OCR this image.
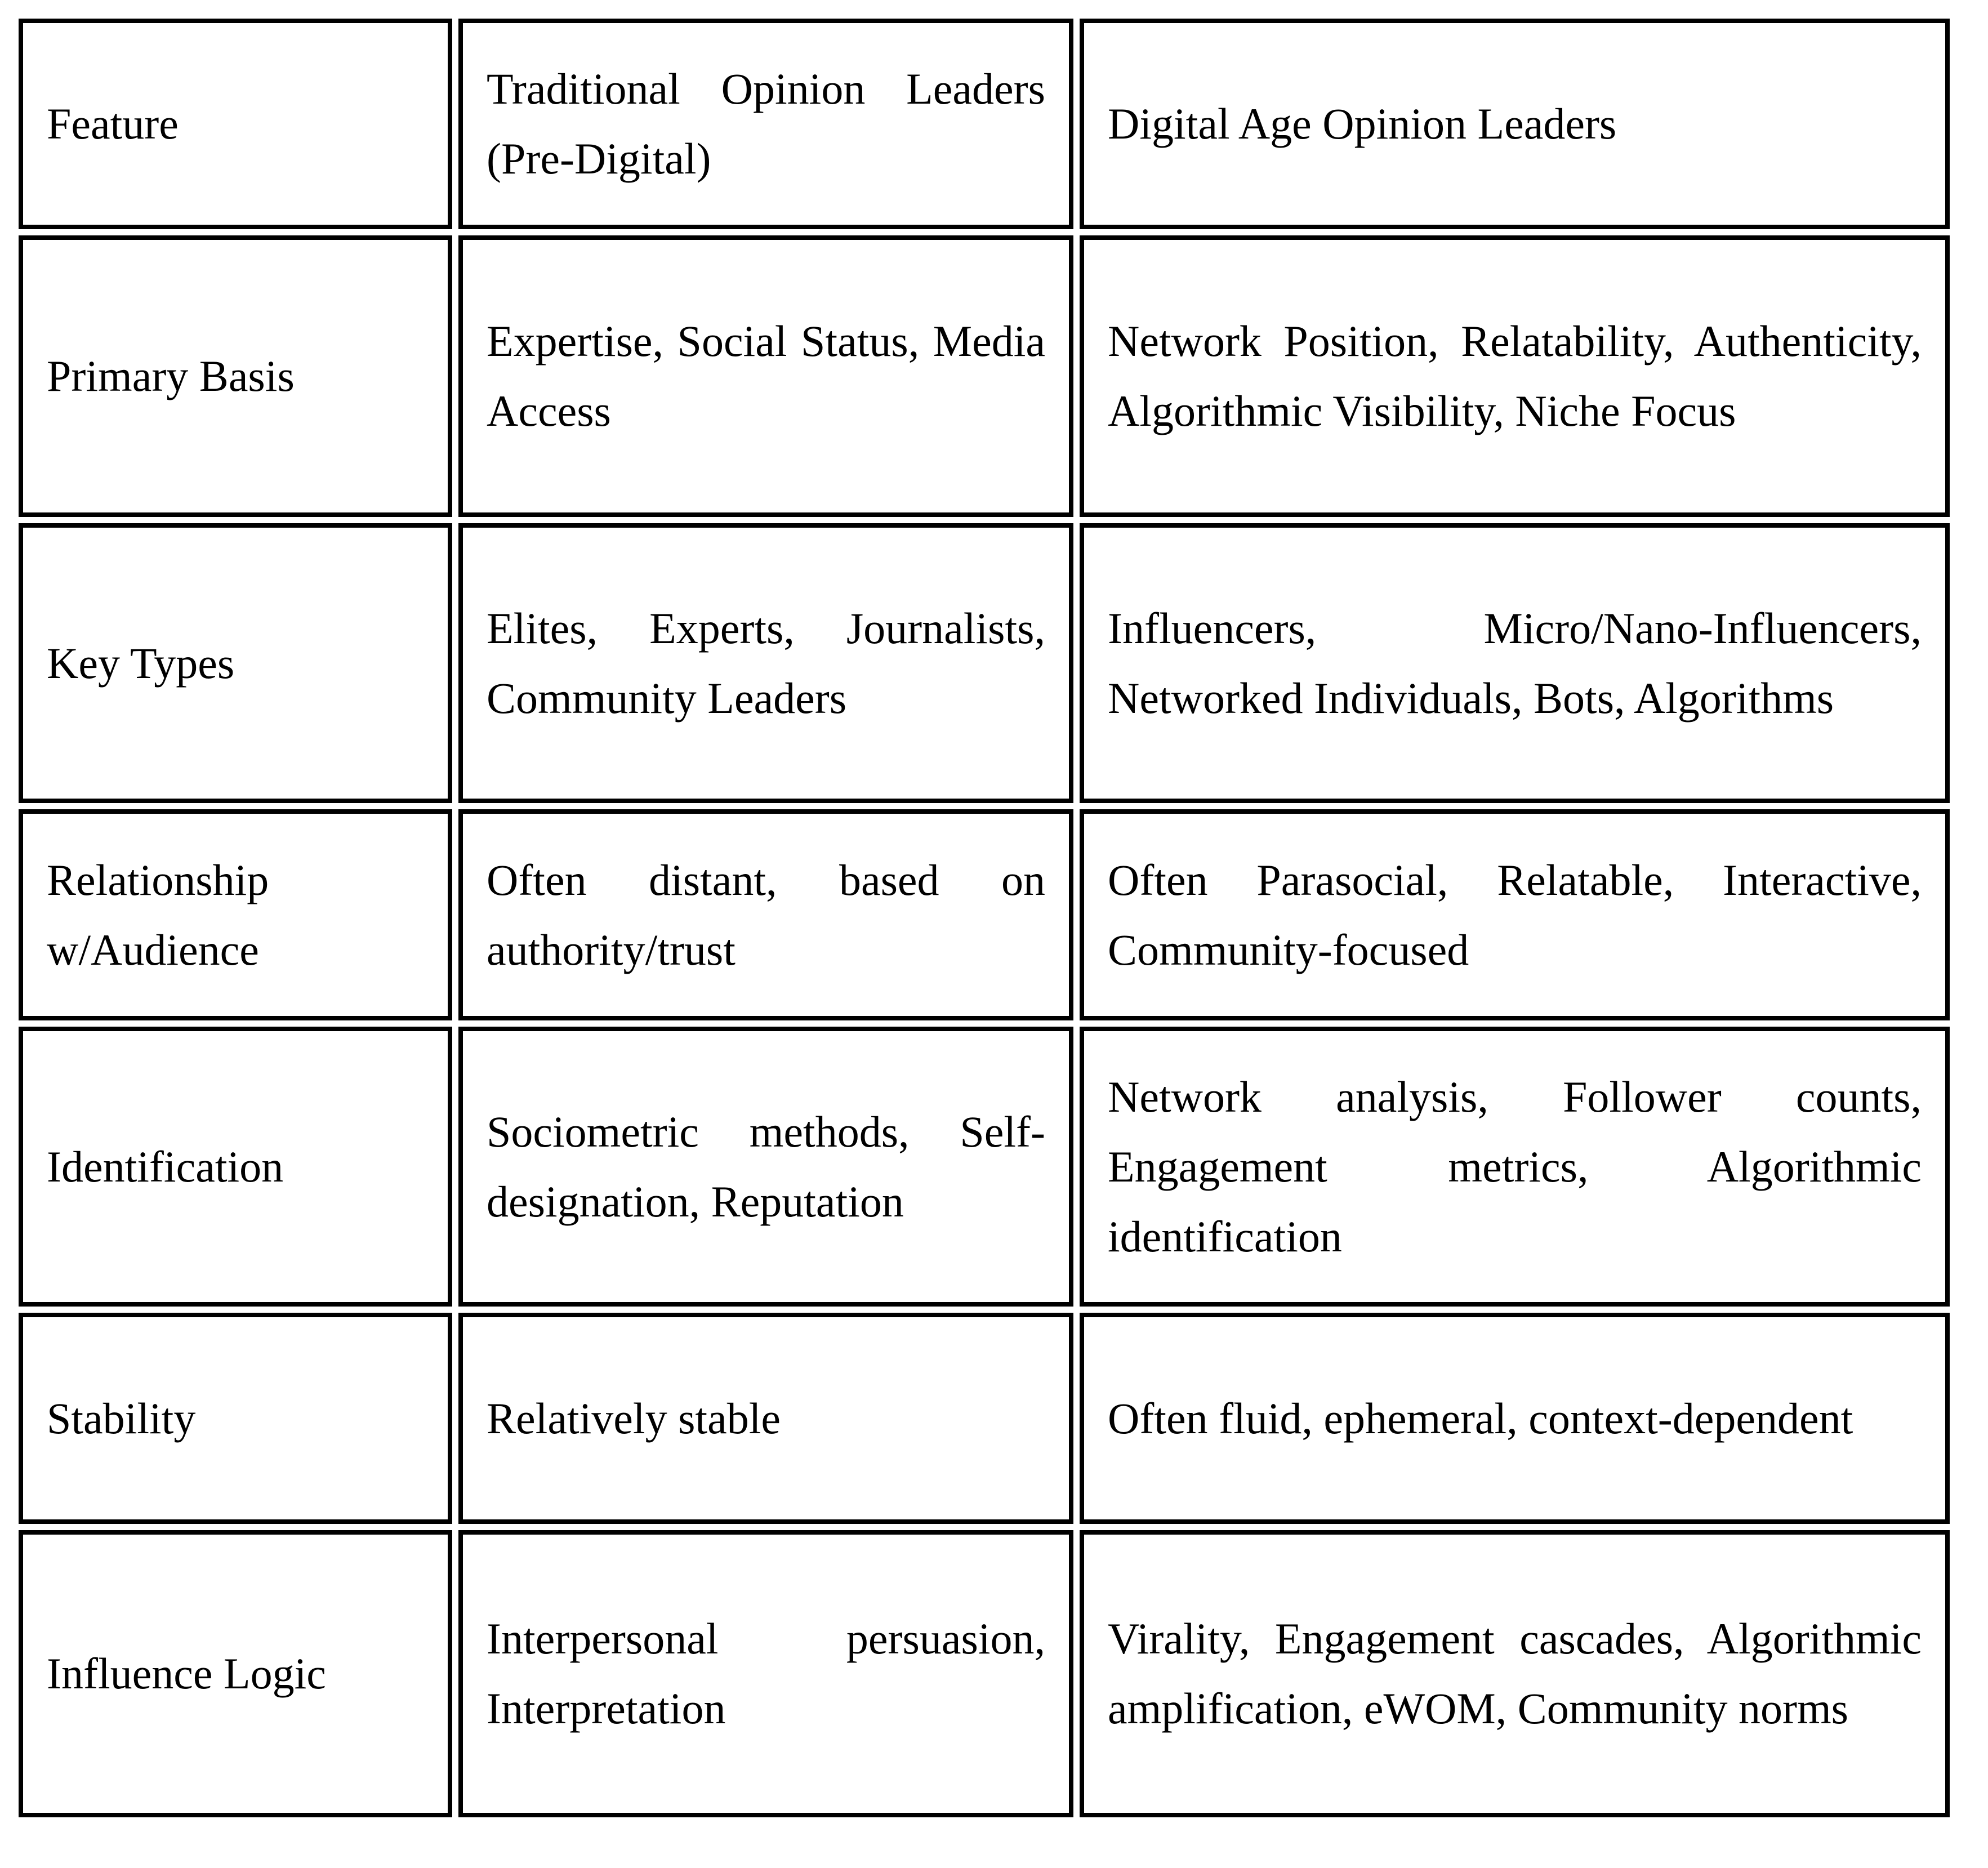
Feature	Traditional Opinion Leaders (Pre-Digital)	Digital Age Opinion Leaders
Primary Basis	Expertise, Social Status, Media Access	Network Position, Relatability, Authenticity, Algorithmic Visibility, Niche Focus
Key Types	Elites, Experts, Journalists, Community Leaders	Influencers, Micro/Nano-Influencers, Networked Individuals, Bots, Algorithms
Relationship w/Audience	Often distant, based on authority/trust	Often Parasocial, Relatable, Interactive, Community-focused
Identification	Sociometric methods, Self-designation, Reputation	Network analysis, Follower counts, Engagement metrics, Algorithmic identification
Stability	Relatively stable	Often fluid, ephemeral, context-dependent
Influence Logic	Interpersonal persuasion, Interpretation	Virality, Engagement cascades, Algorithmic amplification, eWOM, Community norms
